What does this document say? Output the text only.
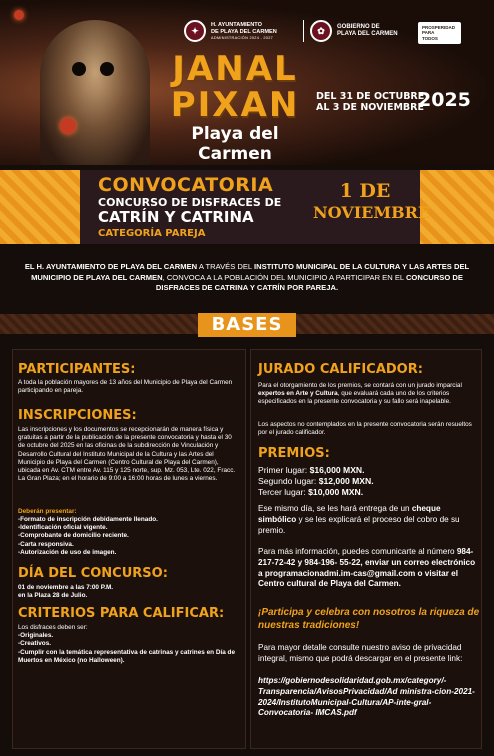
✦
H. AYUNTAMIENTO
DE PLAYA DEL CARMEN
ADMINISTRACIÓN 2024 - 2027
✿	GOBIERNO DE
PLAYA DEL CARMEN
PROSPERIDAD
PARA
TODOS
JANAL
PIXAN
Playa del Carmen
DEL 31 DE OCTUBRE
AL 3 DE NOVIEMBRE
2025
CONVOCATORIA
CONCURSO DE DISFRACES DE
CATRÍN Y CATRINA
CATEGORÍA PAREJA
1 DE
NOVIEMBRE
EL H. AYUNTAMIENTO DE PLAYA DEL CARMEN A TRAVÉS DEL INSTITUTO MUNICIPAL DE LA CULTURA Y LAS ARTES DEL MUNICIPIO DE PLAYA DEL CARMEN, CONVOCA A LA POBLACIÓN DEL MUNICIPIO A PARTICIPAR EN EL CONCURSO DE DISFRACES DE CATRINA Y CATRÍN POR PAREJA.
BASES
PARTICIPANTES:
A toda la población mayores de 13 años del Municipio de Playa del Carmen participando en pareja.
INSCRIPCIONES:
Las inscripciones y los documentos se recepcionarán de manera física y gratuitas a partir de la publicación de la presente convocatoria y hasta el 30 de octubre del 2025 en las oficinas de la subdirección de Vinculación y Desarrollo Cultural del Instituto Municipal de la Cultura y las Artes del Municipio de Playa del Carmen (Centro Cultural de Playa del Carmen), ubicada en Av. CTM entre Av. 115 y 125 norte, sup. Mz. 053, Lte. 022, Fracc. La Gran Plaza; en el horario de 9:00 a 16:00 horas de lunes a viernes.
Deberán presentar:
-Formato de inscripción debidamente llenado.
-Identificación oficial vigente.
-Comprobante de domicilio reciente.
-Carta responsiva.
-Autorización de uso de imagen.
DÍA DEL CONCURSO:
01 de noviembre a las 7:00 P.M.
en la Plaza 28 de Julio.
CRITERIOS PARA CALIFICAR:
Los disfraces deben ser:
-Originales.
-Creativos.
-Cumplir con la temática representativa de catrinas y catrines en Día de Muertos en México (no Halloween).
JURADO CALIFICADOR:
Para el otorgamiento de los premios, se contará con un jurado imparcial expertos en Arte y Cultura, que evaluará cada uno de los criterios especificados en la presente convocatoria y su fallo será inapelable.
Los aspectos no contemplados en la presente convocatoria serán resueltos por el jurado calificador.
PREMIOS:
Primer lugar: $16,000 MXN.
Segundo lugar: $12,000 MXN.
Tercer lugar: $10,000 MXN.
Ese mismo día, se les hará entrega de un cheque simbólico y se les explicará el proceso del cobro de su premio.
Para más información, puedes comunicarte al número 984-217-72-42 y 984-196- 55-22, enviar un correo electrónico a programacionadmi.im-cas@gmail.com o visitar el Centro cultural de Playa del Carmen.
¡Participa y celebra con nosotros la riqueza de nuestras tradiciones!
Para mayor detalle consulte nuestro aviso de privacidad integral, mismo que podrá descargar en el presente link:
https://gobiernodesolidaridad.gob.mx/category/-Transparencia/AvisosPrivacidad/Ad ministra-cion-2021-2024/InstitutoMunicipal-Cultura/AP-inte-gral-Convocatoria- IMCAS.pdf
